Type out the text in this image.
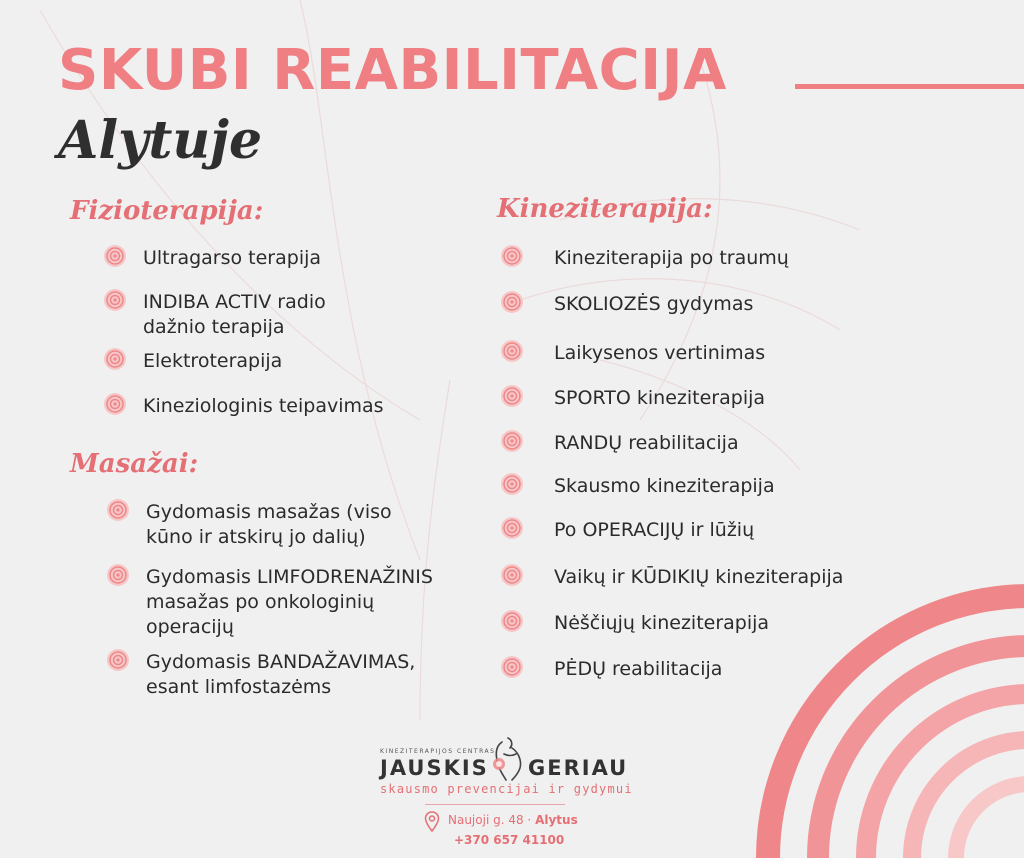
SKUBI REABILITACIJA
Alytuje
Fizioterapija:
Ultragarso terapija
INDIBA ACTIV radio
dažnio terapija
Elektroterapija
Kineziologinis teipavimas
Masažai:
Gydomasis masažas (viso
kūno ir atskirų jo dalių)
Gydomasis LIMFODRENAŽINIS
masažas po onkologinių
operacijų
Gydomasis BANDAŽAVIMAS,
esant limfostazėms
Kineziterapija:
Kineziterapija po traumų
SKOLIOZĖS gydymas
Laikysenos vertinimas
SPORTO kineziterapija
RANDŲ reabilitacija
Skausmo kineziterapija
Po OPERACIJŲ ir lūžių
Vaikų ir KŪDIKIŲ kineziterapija
Nėščiųjų kineziterapija
PĖDŲ reabilitacija
KINEZITERAPIJOS CENTRAS
JAUSKIS GERIAU
skausmo prevencijai ir gydymui
Naujoji g. 48 · Alytus
+370 657 41100
